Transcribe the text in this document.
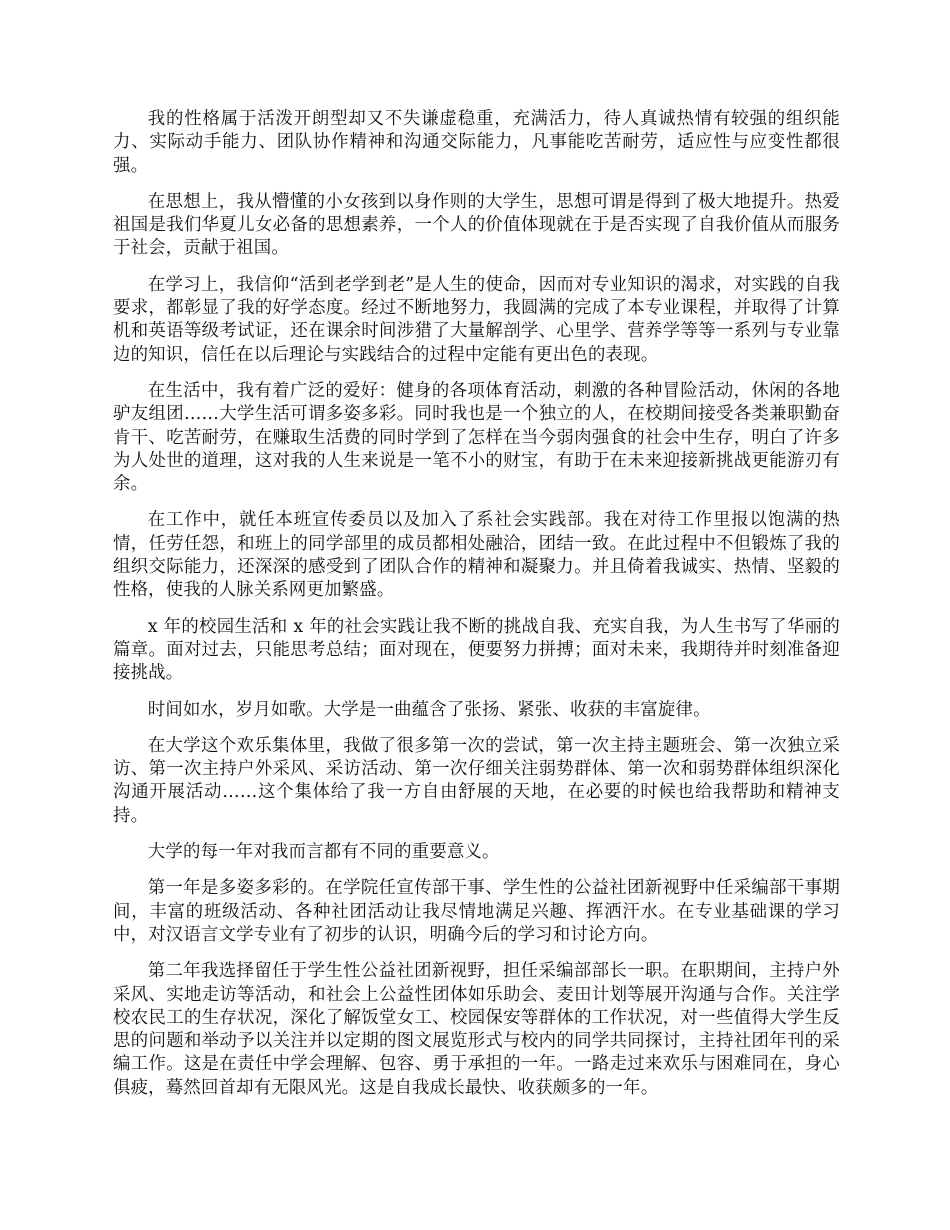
我的性格属于活泼开朗型却又不失谦虚稳重，充满活力，待人真诚热情有较强的组织能力、实际动手能力、团队协作精神和沟通交际能力，凡事能吃苦耐劳，适应性与应变性都很强。

在思想上，我从懵懂的小女孩到以身作则的大学生，思想可谓是得到了极大地提升。热爱祖国是我们华夏儿女必备的思想素养，一个人的价值体现就在于是否实现了自我价值从而服务于社会，贡献于祖国。

在学习上，我信仰“活到老学到老”是人生的使命，因而对专业知识的渴求，对实践的自我要求，都彰显了我的好学态度。经过不断地努力，我圆满的完成了本专业课程，并取得了计算机和英语等级考试证，还在课余时间涉猎了大量解剖学、心里学、营养学等等一系列与专业靠边的知识，信任在以后理论与实践结合的过程中定能有更出色的表现。

在生活中，我有着广泛的爱好：健身的各项体育活动，刺激的各种冒险活动，休闲的各地驴友组团……大学生活可谓多姿多彩。同时我也是一个独立的人，在校期间接受各类兼职勤奋肯干、吃苦耐劳，在赚取生活费的同时学到了怎样在当今弱肉强食的社会中生存，明白了许多为人处世的道理，这对我的人生来说是一笔不小的财宝，有助于在未来迎接新挑战更能游刃有余。

在工作中，就任本班宣传委员以及加入了系社会实践部。我在对待工作里报以饱满的热情，任劳任怨，和班上的同学部里的成员都相处融洽，团结一致。在此过程中不但锻炼了我的组织交际能力，还深深的感受到了团队合作的精神和凝聚力。并且倚着我诚实、热情、坚毅的性格，使我的人脉关系网更加繁盛。

x 年的校园生活和 x 年的社会实践让我不断的挑战自我、充实自我，为人生书写了华丽的篇章。面对过去，只能思考总结；面对现在，便要努力拼搏；面对未来，我期待并时刻准备迎接挑战。

时间如水，岁月如歌。大学是一曲蕴含了张扬、紧张、收获的丰富旋律。

在大学这个欢乐集体里，我做了很多第一次的尝试，第一次主持主题班会、第一次独立采访、第一次主持户外采风、采访活动、第一次仔细关注弱势群体、第一次和弱势群体组织深化沟通开展活动……这个集体给了我一方自由舒展的天地，在必要的时候也给我帮助和精神支持。

大学的每一年对我而言都有不同的重要意义。

第一年是多姿多彩的。在学院任宣传部干事、学生性的公益社团新视野中任采编部干事期间，丰富的班级活动、各种社团活动让我尽情地满足兴趣、挥洒汗水。在专业基础课的学习中，对汉语言文学专业有了初步的认识，明确今后的学习和讨论方向。

第二年我选择留任于学生性公益社团新视野，担任采编部部长一职。在职期间，主持户外采风、实地走访等活动，和社会上公益性团体如乐助会、麦田计划等展开沟通与合作。关注学校农民工的生存状况，深化了解饭堂女工、校园保安等群体的工作状况，对一些值得大学生反思的问题和举动予以关注并以定期的图文展览形式与校内的同学共同探讨，主持社团年刊的采编工作。这是在责任中学会理解、包容、勇于承担的一年。一路走过来欢乐与困难同在，身心俱疲，蓦然回首却有无限风光。这是自我成长最快、收获颇多的一年。
